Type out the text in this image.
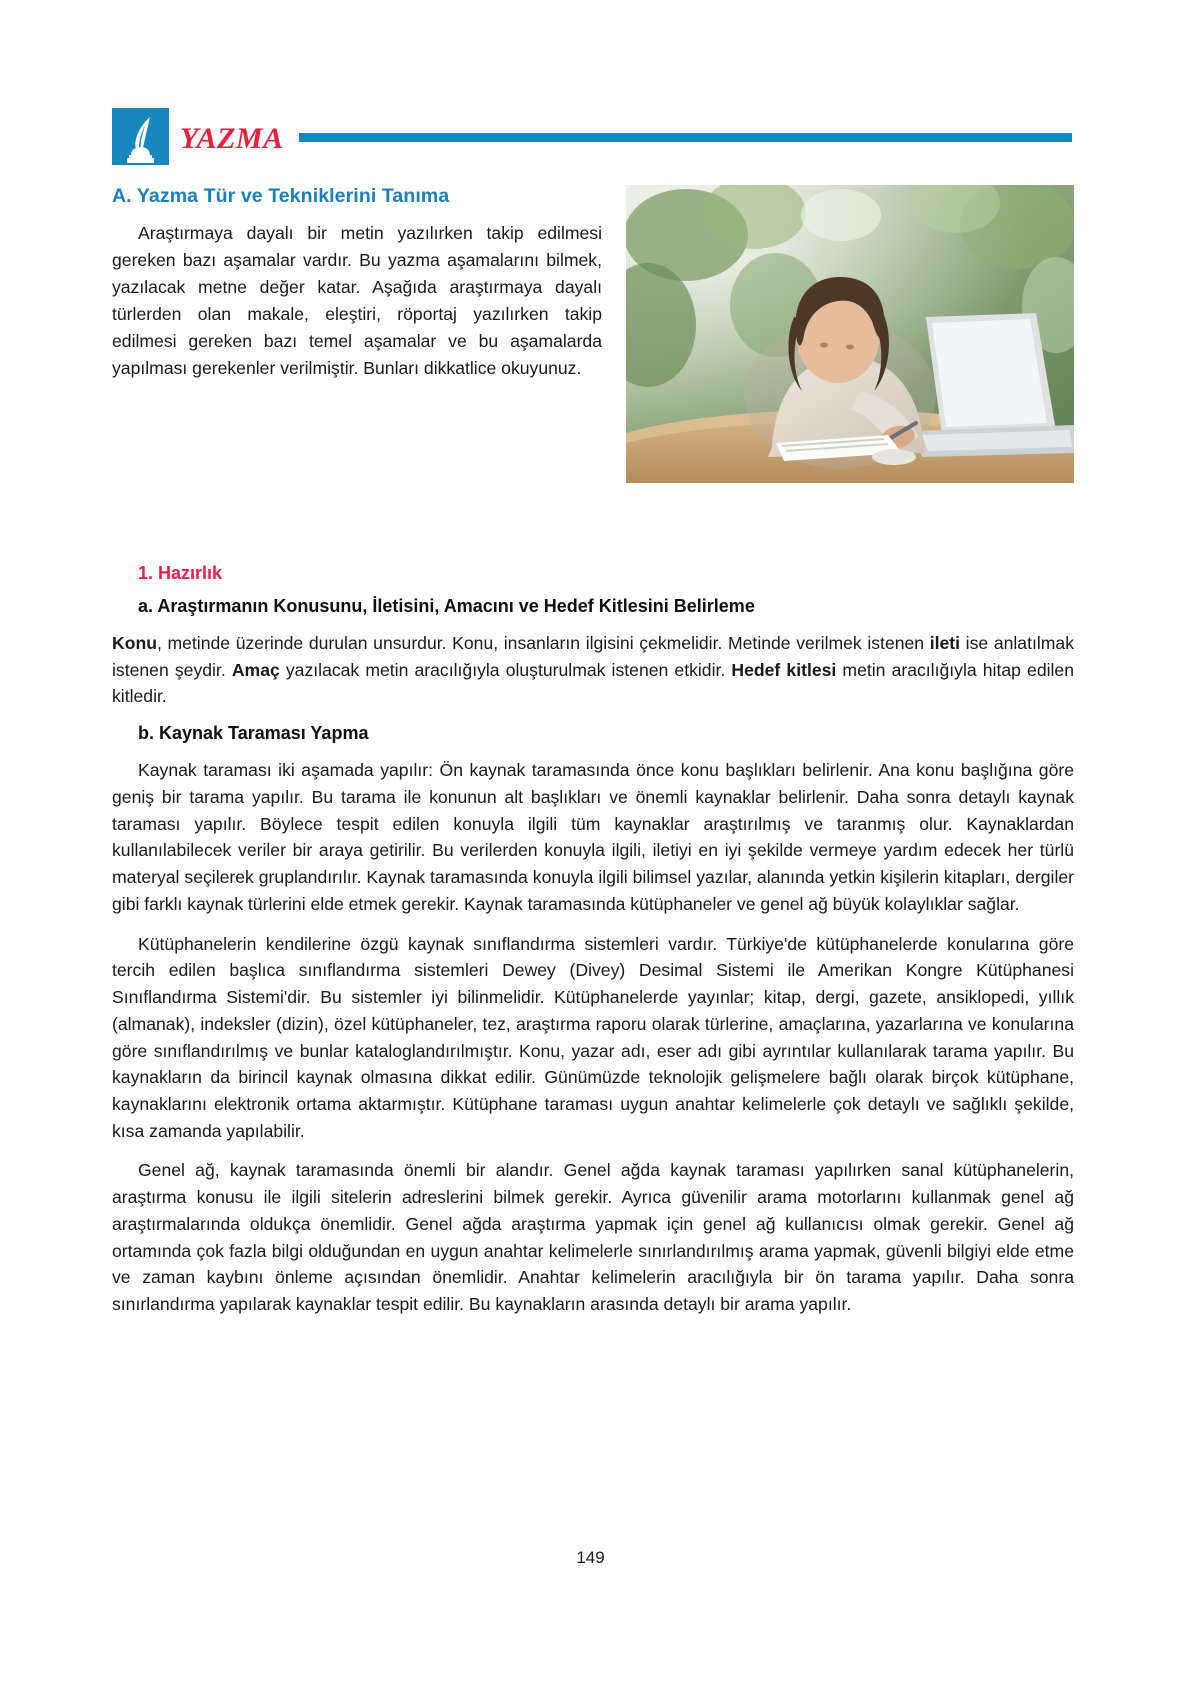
YAZMA
A. Yazma Tür ve Tekniklerini Tanıma

Araştırmaya dayalı bir metin yazılırken takip edilmesi gereken bazı aşamalar vardır. Bu yazma aşamalarını bilmek, yazılacak metne değer katar. Aşağıda araştırmaya dayalı türlerden olan makale, eleştiri, röportaj yazılırken takip edilmesi gereken bazı temel aşamalar ve bu aşamalarda yapılması gerekenler verilmiştir. Bunları dikkatlice okuyunuz.

1. Hazırlık
a. Araştırmanın Konusunu, İletisini, Amacını ve Hedef Kitlesini Belirleme

Konu, metinde üzerinde durulan unsurdur. Konu, insanların ilgisini çekmelidir. Metinde verilmek istenen ileti ise anlatılmak istenen şeydir. Amaç yazılacak metin aracılığıyla oluşturulmak istenen etkidir. Hedef kitlesi metin aracılığıyla hitap edilen kitledir.

b. Kaynak Taraması Yapma

Kaynak taraması iki aşamada yapılır: Ön kaynak taramasında önce konu başlıkları belirlenir. Ana konu başlığına göre geniş bir tarama yapılır. Bu tarama ile konunun alt başlıkları ve önemli kaynaklar belirlenir. Daha sonra detaylı kaynak taraması yapılır. Böylece tespit edilen konuyla ilgili tüm kaynaklar araştırılmış ve taranmış olur. Kaynaklardan kullanılabilecek veriler bir araya getirilir. Bu verilerden konuyla ilgili, iletiyi en iyi şekilde vermeye yardım edecek her türlü materyal seçilerek gruplandırılır. Kaynak taramasında konuyla ilgili bilimsel yazılar, alanında yetkin kişilerin kitapları, dergiler gibi farklı kaynak türlerini elde etmek gerekir. Kaynak taramasında kütüphaneler ve genel ağ büyük kolaylıklar sağlar.

Kütüphanelerin kendilerine özgü kaynak sınıflandırma sistemleri vardır. Türkiye'de kütüphanelerde konularına göre tercih edilen başlıca sınıflandırma sistemleri Dewey (Divey) Desimal Sistemi ile Amerikan Kongre Kütüphanesi Sınıflandırma Sistemi'dir. Bu sistemler iyi bilinmelidir. Kütüphanelerde yayınlar; kitap, dergi, gazete, ansiklopedi, yıllık (almanak), indeksler (dizin), özel kütüphaneler, tez, araştırma raporu olarak türlerine, amaçlarına, yazarlarına ve konularına göre sınıflandırılmış ve bunlar kataloglandırılmıştır. Konu, yazar adı, eser adı gibi ayrıntılar kullanılarak tarama yapılır. Bu kaynakların da birincil kaynak olmasına dikkat edilir. Günümüzde teknolojik gelişmelere bağlı olarak birçok kütüphane, kaynaklarını elektronik ortama aktarmıştır. Kütüphane taraması uygun anahtar kelimelerle çok detaylı ve sağlıklı şekilde, kısa zamanda yapılabilir.

Genel ağ, kaynak taramasında önemli bir alandır. Genel ağda kaynak taraması yapılırken sanal kütüphanelerin, araştırma konusu ile ilgili sitelerin adreslerini bilmek gerekir. Ayrıca güvenilir arama motorlarını kullanmak genel ağ araştırmalarında oldukça önemlidir. Genel ağda araştırma yapmak için genel ağ kullanıcısı olmak gerekir. Genel ağ ortamında çok fazla bilgi olduğundan en uygun anahtar kelimelerle sınırlandırılmış arama yapmak, güvenli bilgiyi elde etme ve zaman kaybını önleme açısından önemlidir. Anahtar kelimelerin aracılığıyla bir ön tarama yapılır. Daha sonra sınırlandırma yapılarak kaynaklar tespit edilir. Bu kaynakların arasında detaylı bir arama yapılır.

149
